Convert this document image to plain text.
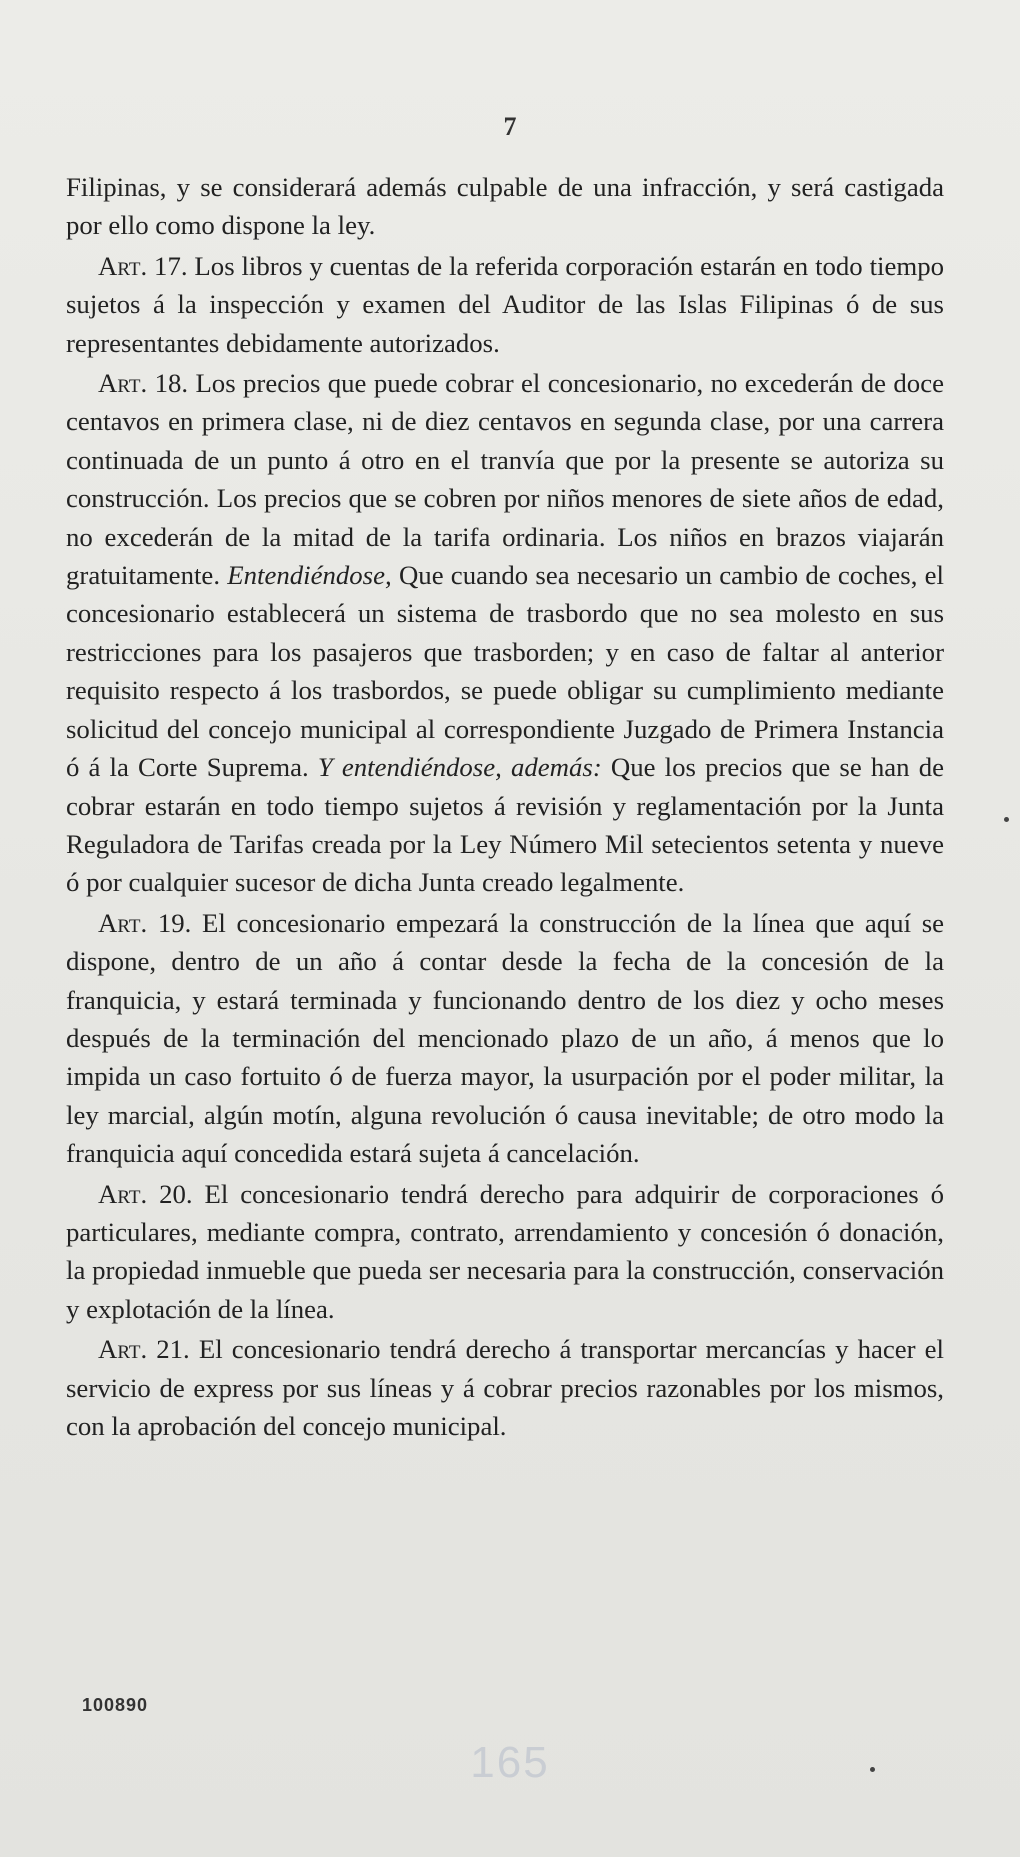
7

Filipinas, y se considerará además culpable de una infracción, y será castigada por ello como dispone la ley.

Art. 17. Los libros y cuentas de la referida corporación estarán en todo tiempo sujetos á la inspección y examen del Auditor de las Islas Filipinas ó de sus representantes debidamente autorizados.

Art. 18. Los precios que puede cobrar el concesionario, no excederán de doce centavos en primera clase, ni de diez centavos en segunda clase, por una carrera continuada de un punto á otro en el tranvía que por la presente se autoriza su construcción. Los precios que se cobren por niños menores de siete años de edad, no excederán de la mitad de la tarifa ordinaria. Los niños en brazos viajarán gratuitamente. Entendiéndose, Que cuando sea necesario un cambio de coches, el concesionario establecerá un sistema de trasbordo que no sea molesto en sus restricciones para los pasajeros que trasborden; y en caso de faltar al anterior requisito respecto á los trasbordos, se puede obligar su cumplimiento mediante solicitud del concejo municipal al correspondiente Juzgado de Primera Instancia ó á la Corte Suprema. Y entendiéndose, además: Que los precios que se han de cobrar estarán en todo tiempo sujetos á revisión y reglamentación por la Junta Reguladora de Tarifas creada por la Ley Número Mil setecientos setenta y nueve ó por cualquier sucesor de dicha Junta creado legalmente.

Art. 19. El concesionario empezará la construcción de la línea que aquí se dispone, dentro de un año á contar desde la fecha de la concesión de la franquicia, y estará terminada y funcionando dentro de los diez y ocho meses después de la terminación del mencionado plazo de un año, á menos que lo impida un caso fortuito ó de fuerza mayor, la usurpación por el poder militar, la ley marcial, algún motín, alguna revolución ó causa inevitable; de otro modo la franquicia aquí concedida estará sujeta á cancelación.

Art. 20. El concesionario tendrá derecho para adquirir de corporaciones ó particulares, mediante compra, contrato, arrendamiento y concesión ó donación, la propiedad inmueble que pueda ser necesaria para la construcción, conservación y explotación de la línea.

Art. 21. El concesionario tendrá derecho á transportar mercancías y hacer el servicio de express por sus líneas y á cobrar precios razonables por los mismos, con la aprobación del concejo municipal.

100890
165
